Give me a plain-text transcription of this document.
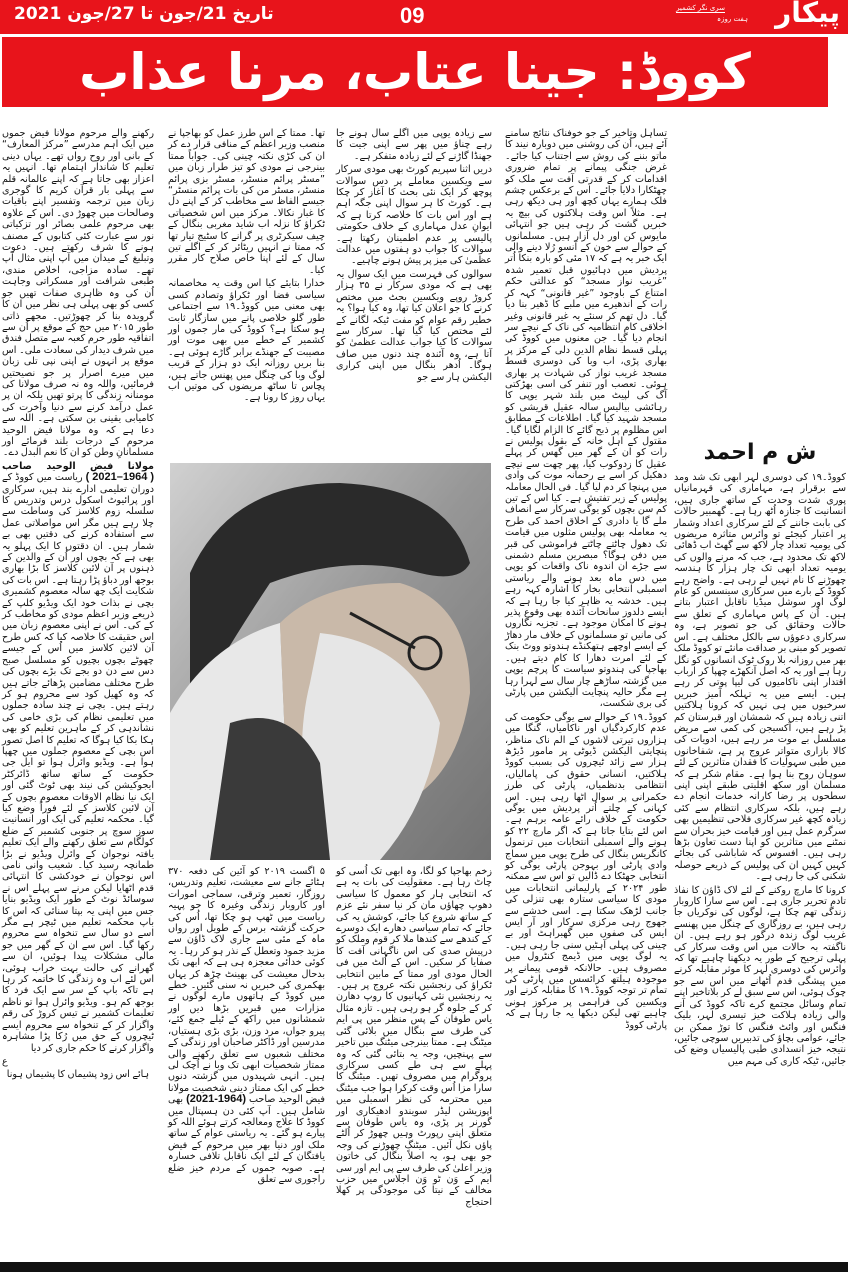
تاریخ 21/جون تا 27/جون 2021	09	پیکار
ہفت روزہ
سری نگر کشمیر
کووڈ: جینا عتاب، مرنا عذاب
ش م احمد

کووڈ۔۱۹ کی دوسری لہر ابھی تک شد ومد سے برقرار ہے، مہاماری کی قہرمانیاں پوری شدت وحدت کے ساتھ جاری ہیں، انسانیت کا جنازہ اُٹھ رہا ہے۔ گھمبیر حالات کی بابت جاننے کے لئے سرکاری اعداد وشمار پر اعتبار کیجئے تو وائرس متاثرہ مریضوں کی یومیہ تعداد چار لاکھ سے گھٹ اب ڈھائی لاکھ تک محدود ہے، جب کہ مرنے والوں کی یومیہ تعداد ابھی تک چار ہزار کا ہندسہ چھوڑنے کا نام نہیں لے رہی ہے۔ واضح رہے کووڈ کے بارے میں سرکاری سینسس کو عام لوگ اور سوشل میڈیا ناقابل اعتبار بتاتے ہیں۔ اُن کے پاس مہاماری کے تعلق سے حالات وحقائق کی جو تصویر ہے، وہ سرکاری دعوؤں سے بالکل مختلف ہے۔ اس تصویر کو مبنی بر صداقت مانئے تو کووڈ ملک بھر میں روزانہ بلا روک ٹوک انسانوں کو نگل رہا ہے اور یہ کہ اصل آنکھڑے چھپا کر ارباب اقتدار اپنی ناکامیوں کی لیپا پوتی کر رہے ہیں۔ ایسے میں یہ تہلکہ آمیز خبریں سرخیوں میں ہی نہیں کہ کرونا ہلاکتیں اتنی زیادہ ہیں کہ شمشان اور قبرستان کم پڑ رہے ہیں، آکسیجن کی کمی سے مریض مسلسل بے موت مر رہے ہیں، ادویات کی کالا بازاری متواتر عروج پر ہے، شفاخانوں میں طبی سہولیات کا فقدان متاثرین کے لئے سوہان روح بنا ہوا ہے۔ مقام شکر ہے کہ مسلمان اور سکھ اقلیتی طبقے اپنی اپنی سطحوں پر رضا کارانہ خدمات انجام دے رہے ہیں، بلکہ سرکاری انتظام سے کئی زیادہ کچھ غیر سرکاری فلاحی تنظیمیں بھی سرگرم عمل ہیں اور قیامت خیز بحران سے نمٹنے میں متاثرین کو اپنا دست تعاون بڑھا رہی ہیں۔ افسوس کہ شاباشی کی بجائے کہیں کہیں ان کی پولیس کے ذریعے حوصلہ شکنی کی جا رہی ہے۔

کرونا کا مارچ روکنے کے لئے لاک ڈاؤن کا نفاذ تادم تحریر جاری ہے۔ اس سے سارا کاروبار زندگی تھم چکا ہے، لوگوں کی نوکریاں جا رہی ہیں، بے روزگاری کے چنگل میں پھنسے غریب لوگ زندہ درگور ہو رہے ہیں۔ ان ناگفتہ بہ حالات میں اس وقت سرکار کی پہلی ترجیح کے طور یہ دیکھنا چاہیے تھا کہ وائرس کی دوسری لہر کا موثر مقابلہ کرنے میں پیشگی قدم اُٹھانے میں اس سے جو چوک ہوئی، اس سے سبق لے کر بلاتاخیر اپنے تمام وسائل مجتمع کرے تاکہ کووڈ کی آنے والی زیادہ ہلاکت خیز تیسری لہر، بلیک فنگس اور وائٹ فنگس کا توڑ ممکن بن جائے، عوامی بچاؤ کی تدبیریں سوچی جائیں، نتیجہ خیز انسدادی طبی پالیسیاں وضع کی جائیں، ٹیکہ کاری کی مہم میں

تساہل وتاخیر کے جو خوفناک نتائج سامنے آئے ہیں، اُن کی روشنی میں دوبارہ نیند کا ماتو بننے کی روش سے اجتناب کیا جائے۔ غرض جنگی پیمانے پر تمام ضروری اقدامات کر کے قدرتی آفت سے ملک کو چھٹکارا دلایا جائے۔ اس کے برعکس چشم فلک ہمارے یہاں کچھ اور ہی دیکھ رہی ہے۔ مثلاً اس وقت ہلاکتوں کی بیچ یہ خبریں گشت کر رہی ہیں جو انتہائی مایوس کن اور دل آزار ہیں۔ مسلمانوں کے حوالے سے خون کے آنسو رُلا دینے والی ایک خبر یہ ہے کہ ۱۷ مئی کو بارہ بنکا اُتر پردیش میں دہائیوں قبل تعمیر شدہ ”غریب نواز مسجد“ کو عدالتی حکم امتناع کے باوجود ”غیر قانونی“ کہہ کر رات کے اندھیرے میں ملبے کا ڈھیر بنا دیا گیا۔ دل تھم کر سنئے یہ غیر قانونی وغیر اخلاقی کام انتظامیہ کی ناک کے نیچے سر انجام دیا گیا۔ جن معنوں میں کووڈ کی پہلی قسط نظام الدین دلی کے مرکز پر بھاری پڑی، اب وبا کی دوسری قسط مسجد غریب نواز کی شہادت پر بھاری ہوئی۔ تعصب اور تنفر کی اسی بھڑکتی آگ کی لپیٹ میں بلند شہر یوپی کا رہائشی بیالیس سالہ عقیل قریشی کو مسجد شہید کیا گیا۔ اطلاعات کے مطابق اس مظلوم پر ذبح گائے کا الزام لگایا گیا۔ مقتول کے اہل خانہ کے بقول پولیس نے رات کو ان کے گھر میں گھس کر پہلے عقیل کا زدوکوب کیا، پھر چھت سے نیچے دھکیل کر اسے بے رحمانہ موت کی وادی میں پہنچا کر دم لیا گیا۔ فی الحال معاملہ پولیس کے زیر تفتیش ہے۔ کیا اس کے تین کم سن بچوں کو یوگی سرکار سے انصاف ملے گا یا دادری کے اخلاق احمد کی طرح یہ معاملہ بھی پولیس مثلوں میں قیامت تک دھول چاٹتے چاٹتے فراموشی کی قبر میں دفن ہوگا؟ مبصرین مسلم دشمنی سے جڑے ان اندوہ ناک واقعات کو یوپی میں دس ماہ بعد ہونے والے ریاستی اسمبلی انتخابی بخار کا اشارہ کہہ رہے ہیں۔ خدشہ یہ ظاہر کیا جا رہا ہے کہ ایسے دلدوز سانحات آئندہ بھی وقوع پذیر ہونے کا امکان موجود ہے۔ تجزیہ نگاروں کی مانیں تو مسلمانوں کے خلاف مار دھاڑ کے ایسے اوچھے ہتھکنڈے ہندوتو ووٹ بنک کے لئے امرت دھارا کا کام دیتے ہیں۔ بھاجپا کی ہندوتو سیاست کا پرچم یوپی میں گزشتہ ساڑھے چار سال سے لہرا رہا ہے مگر حالیہ پنچایت الیکشن میں پارٹی کی بری شکست،

کووڈ۔۱۹ کے حوالے سے یوگی حکومت کی عدم کارکردگیاں اور ناکامیاں، گنگا میں ہزاروں تیرتی لاشوں کے الم ناک مناظر، پنچایتی الیکشن ڈیوٹی پر مامور ڈیڑھ ہزار سے زائد ٹیچروں کی بسبب کووڈ ہلاکتیں، انسانی حقوق کی پامالیاں، انتظامی بدنظمیاں، پارٹی کی طرز حکمرانی پر سوال اٹھا رہی ہیں۔ اس کہانی کے چلتے اُتر پردیش میں یوگی حکومت کے خلاف رائے عامہ برہم ہے۔ اس لئے بتایا جاتا ہے کہ اگر مارچ ۲۲ کو ہونے والے اسمبلی انتخابات میں ترنمول کانگریس بنگال کی طرح یوپی میں سماج وادی پارٹی اور بہوجن پارٹی یوگی کو انتخابی جھٹکا دے ڈالیں تو اس سے ممکنہ طور ۲۰۲۴ کے پارلیمانی انتخابات میں مودی کا سیاسی ستارہ بھی تنزلی کی جانب لڑھک سکتا ہے۔ اسی خدشے سے جھوج رہی مرکزی سرکار اور آر ایس ایس کی صفوں میں گھبراہٹ اور بے چینی کی پہلی آہٹیں سنی جا رہی ہیں۔ یہ لوگ یوپی میں ڈیمج کنٹرول میں مصروف ہیں۔ حالانکہ قومی پیمانے پر موجودہ ہیلتھ کرائسس میں پارٹی کی تمام تر توجہ کووڈ۔۱۹ کا مقابلہ کرنے اور ویکسین کی فراہمی پر مرکوز ہونی چاہیے تھی لیکن دیکھا یہ جا رہا ہے کہ پارٹی کووڈ

سے زیادہ یوپی میں اگلے سال ہونے جا رہے چناؤ میں پھر سے اپنی جیت کا جھنڈا گاڑنے کے لئے زیادہ متفکر ہے۔

دریں اثنا سپریم کورٹ بھی مودی سرکار سے ویکسین معاملے پر دس سوالات پوچھ کر ایک نئی بحث کا آغاز کر چکا ہے۔ کورٹ کا ہر سوال اپنی جگہ اہم ہے اور اس بات کا خلاصہ کرتا ہے کہ ایوانِ عدل مہاماری کے خلاف حکومتی پالیسی پر عدم اطمینان رکھتا ہے۔ سوالات کا جواب دو ہفتوں میں عدالت عظمیٰ کی میز پر پیش ہونے چاہیے۔

سوالوں کی فہرست میں ایک سوال یہ بھی ہے کہ مودی سرکار نے ۳۵ ہزار کروڑ روپے ویکسین بجٹ میں مختص کرنے کا جو اعلان کیا تھا، وہ کیا ہوا؟ یہ خطیر رقم عوام کو مفت ٹیکہ لگانے کے لئے مختص کیا گیا تھا۔ سرکار سے سوالات کا کیا جواب عدالت عظمیٰ کو آتا ہے، وہ آئندہ چند دنوں میں صاف ہوگا۔ اُدھر بنگال میں اپنی کراری الیکشن ہار سے جو

تھا۔ ممتا کے اس طرز عمل کو بھاجپا نے منصب وزیر اعظم کے منافی قرار دے کر ان کی کڑی نکتہ چینی کی۔ جواباً ممتا بینرجی نے مودی کو تیز طرار زبان میں ”مسٹر پرائم منسٹر، مسٹر بزی پرائم منسٹر، مسٹر من کی بات پرائم منسٹر“ جیسے الفاظ سے مخاطب کر کے اپنے دل کا غبار نکالا۔ مرکز میں اس شخصیاتی ٹکراؤ کا نزلہ اب شاید مغربی بنگال کے چیف سیکرٹری پر گرانے کا سٹیج تیار تھا کہ ممتا نے انہیں ریٹائر کر کے اگلے تین سال کے لئے اپنا خاص صلاح کار مقرر کیا۔

خدارا بتایئے کیا اس وقت یہ مخاصمانہ سیاسی فضا اور ٹکراؤ وتصادم کسی بھی معنی میں کووڈ۔۱۹ سے اجتماعی طور گلو خلاصی پانے میں سازگار ثابت ہو سکتا ہے؟ کووڈ کی مار جموں اور کشمیر کے خطے میں بھی موت اور مصیبت کے جھنڈے برابر گاڑے ہوئی ہے۔ بنا بریں روزانہ ایک دو ہزار کے قریب لوگ وبا کی چنگل میں پھنس جاتے ہیں، پچاس تا ساٹھ مریضوں کی موتیں اب یہاں روز کا رونا ہے۔

۵ اگست ۲۰۱۹ کو آئین کی دفعہ ۳۷۰ ہٹائے جانے سے معیشت، تعلیم وتدریس، روزگار، تعمیر وترقی، سماجی امورات اور کاروبار زندگی وغیرہ کا جو پہیہ ریاست میں ٹھپ ہو چکا تھا، اُس کی حرکت گزشتہ برس کے طویل اور رواں ماہ کے مئی سے جاری لاک ڈاؤن سے مزید جمود وتعطل کے نذر ہو کر رہا۔ یہ کوئی خدائی معجزہ ہی ہے کہ ابھی تک بدحال معیشت کی بھینٹ چڑھ کر یہاں بھکمری کی خبریں نہ سنی گئیں۔ خطے میں کووڈ کے ہاتھوں مارے لوگوں نے مزارات میں قبریں بڑھا دیں اور شمشانوں میں راکھ کے ٹیلے جمع کئے، پیرو جواں، مرد وزن، بڑی بڑی ہستیاں، مدرسین اور ڈاکٹر صاحبان اور زندگی کے مختلف شعبوں سے تعلق رکھنے والی ممتاز شخصیات ابھی تک وبا نے اُچک لی ہیں۔ انہی شہیدوں میں گزشتہ دنوں خطے کی ایک ممتاز دینی شخصیت مولانا فیض الوحید صاحب (1964-2021) بھی شامل ہیں۔ آپ کئی دن ہسپتال میں کووڈ کا علاج ومعالجہ کرتے ہوئے اللہ کو پیارے ہو گئے۔ یہ ریاستی عوام کے ساتھ ملک اور دنیا بھر میں مرحوم کے فیض یافتگان کے لئے ایک ناقابل تلافی خسارہ ہے۔ صوبہ جموں کے مردم خیز ضلع راجوری سے تعلق

زخم بھاجپا کو لگا، وہ ابھی تک اُسی کو چاٹ رہا ہے۔ معقولیت کی بات یہ ہے کہ انتخابی ہار کو معمول کا سیاسی دھوپ چھاؤں مان کر نیا سفر نئے عزم کے ساتھ شروع کیا جائے، کوشش یہ کی جائے کہ تمام سیاسی دھارے ایک دوسرے کے کندھے سے کندھا ملا کر قوم وملک کو درپیش صدی کی اس ناگہانی آفت کا صفایا کر سکیں۔ اس کے اُلٹ میں فی الحال مودی اور ممتا کے مابین انتخابی ٹکراؤ کی رنجشیں نکتہ عروج پر ہیں۔ یہ رنجشیں نئی کہانیوں کا روپ دھارن کر کے جلوہ گر ہو رہی ہیں۔ تازہ مثال یاس طوفان کے پس منظر میں پی ایم کی طرف سے بنگال میں بلائی گئی میٹنگ ہے۔ ممتا بینرجی میٹنگ میں تاخیر سے پہنچیں، وجہ یہ بتائی گئی کہ وہ پہلے سے ہی طے کسی سرکاری پروگرام میں مصروف تھیں۔ میٹنگ کا سارا مزا اُس وقت کرکرا ہوا جب میٹنگ میں محترمہ کی نظر اسمبلی میں اپوزیشن لیڈر سویندو ادھیکاری اور گورنر پر پڑی، وہ یاس طوفان سے متعلق اپنی رپورٹ وہیں چھوڑ کر اُلٹے پاؤں نکل آئیں۔ میٹنگ چھوڑنے کی وجہ جو بھی ہو، یہ اصلاً بنگال کی خاتون وزیر اعلیٰ کی طرف سے پی ایم اور سی ایم کے وَن ٹو وَن اجلاس میں حزب مخالف کے نیتا کی موجودگی پر کھلا احتجاج

رکھنے والے مرحوم مولانا فیض جموں میں ایک اہم مدرسے ”مرکز المعارف“ کے بانی اور روح رواں تھے۔ یہاں دینی تعلیم کا شاندار اہتمام تھا۔ انہیں یہ اعزاز بھی جاتا ہے کہ اپنے عالمانہ قلم سے پہلی بار قرآن کریم کا گوجری زبان میں ترجمہ وتفسیر اپنے باقیات وصالحات میں چھوڑ دی۔ اس کے علاوہ بھی مرحوم علمی بصائر اور تزکیاتی نور سے عبارت کئی کتابوں کے مصنف ہونے کا شرف رکھتے ہیں۔ دعوت وتبلیغ کے میدان میں آپ اپنی مثال آپ تھے۔ سادہ مزاجی، اخلاص مندی، طبعی شرافت اور مسکراتی وجاہت اُن کی وہ ظاہری صفات تھیں جو کسی کو بھی پہلی ہی نظر میں ان کا گرویدہ بنا کر چھوڑتیں۔ مجھے ذاتی طور ۲۰۱۵ میں حج کے موقع پر اُن سے اتفاقیہ طور حرم کعبہ سے متصل فندق میں شرف دیدار کی سعادت ملی۔ اس موقع پر انہوں نے اپنی نپی تلی زبان میں میرے اصرار پر جو نصیحتیں فرمائیں، واللہ وہ نہ صرف مولانا کی مومنانہ زندگی کا پرتو تھیں بلکہ ان پر عمل درآمد کرنے سے دنیا وآخرت کی کامیابی یقینی بن سکتی ہے۔ اللہ سے دعا ہے کہ وہ مولانا فیض الوحید مرحوم کے درجات بلند فرمائے اور مسلمانانِ وطن کو ان کا نعم البدل دے۔

مولانا فیض الوحید صاحب

( 1964–2021 ) ریاست میں کووڈ کے دوران تعلیمی ادارے بند ہیں، سرکاری اور پرائیوٹ اسکول درس وتدریس کا سلسلہ زوم کلاسز کی وساطت سے چلا رہے ہیں مگر اس مواصلاتی عمل سے استفادہ کرنے کی دقتیں بھی بے شمار ہیں۔ ان دقتوں کا ایک پہلو یہ بھی ہے کہ بچوں اور اُن کے والدین کے ذہنوں پر آن لائین کلاسز کا بڑا بھاری بوجھ اور دباؤ پڑا رہتا ہے۔ اس بات کی شکایت ایک چھ سالہ معصوم کشمیری بچی نے بذات خود ایک ویڈیو کلپ کے ذریعے وزیر اعظم مودی کو مخاطب کر کے کی۔ اس نے اپنی معصوم زبان میں اس حقیقت کا خلاصہ کیا کہ کس طرح آن لائین کلاسز میں اُس کے جیسے چھوٹے بچوں بچیوں کو مسلسل صبح دس سے دن دو بجے تک بڑے بچوں کی طرح مختلف مضامین پڑھائے جاتے ہیں کہ وہ کھیل کود سے محروم ہو کر رہتے ہیں۔ بچی نے چند سادہ جملوں میں تعلیمی نظام کی بڑی خامی کی نشاندہی کر کے ماہرین تعلیم کو بھی ہکا بکا کیا ہوگا کہ تعلیم کا اصل تصور اس بچی کے معصوم جملوں میں چھپا ہوا ہے۔ ویڈیو وائرل ہوا تو ایل جی حکومت کے ساتھ ساتھ ڈائرکٹر ایجوکیشن کی نیند بھی ٹوٹ گئی اور ایک نیا نظام الاوقات معصوم بچوں کے آن لائین کلاسز کے لئے فوراً وضع کیا گیا۔ محکمہ تعلیم کی ایک اور انسانیت سوز سوچ پر جنوبی کشمیر کے ضلع کولگام سے تعلق رکھنے والے ایک تعلیم یافتہ نوجوان کے وائرل ویڈیو نے بڑا طمانچہ رسید کیا۔ شعیب وانی نامی اس نوجوان نے خودکشی کا انتہائی قدم اٹھایا لیکن مرنے سے پہلے اس نے سوسائڈ نوٹ کے طور ایک ویڈیو بنایا جس میں اپنی یہ بپتا سنائی کہ اس کا باپ محکمہ تعلیم میں ٹیچر ہے مگر اسے دو سال سے تنخواہ سے محروم رکھا گیا۔ اس سے ان کے گھر میں جو مالی مشکلات پیدا ہوئیں، ان سے گھرانے کی حالت بہت خراب ہوئی، اس لئے اب وہ زندگی کا خاتمہ کر رہا ہے تاکہ باپ کے سر سے ایک فرد کا بوجھ کم ہو۔ ویڈیو وائرل ہوا تو ناظم تعلیمات کشمیر نے تیس کروڑ کی رقم واگزار کر کے تنخواہ سے محروم ایسے ٹیچروں کے حق میں رُکا پڑا مشاہرہ واگزار کرنے کا حکم جاری کر دیا

ع
ہائے اس زود پشیماں کا پشیماں ہونا
